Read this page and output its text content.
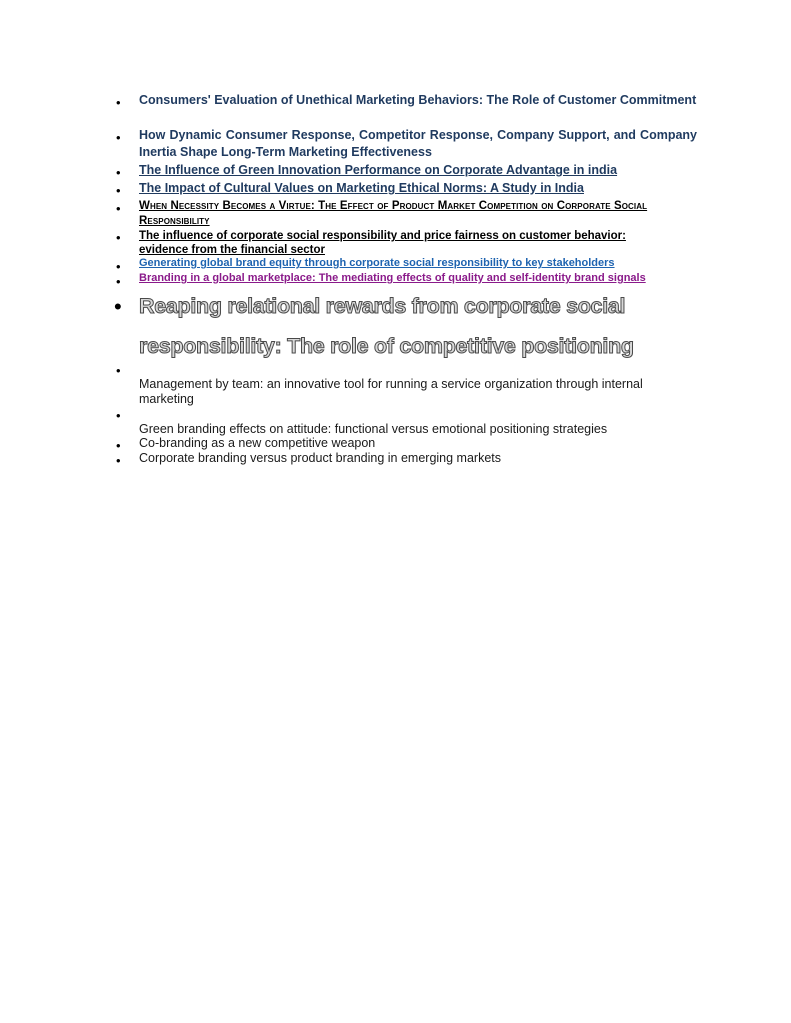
•	Consumers' Evaluation of Unethical Marketing Behaviors: The Role of Customer Commitment
•	How Dynamic Consumer Response, Competitor Response, Company Support, and Company Inertia Shape Long-Term Marketing Effectiveness
•	The Influence of Green Innovation Performance on Corporate Advantage in india
•	The Impact of Cultural Values on Marketing Ethical Norms: A Study in India
•	When Necessity Becomes a Virtue: The Effect of Product Market Competition on Corporate Social Responsibility
•	The influence of corporate social responsibility and price fairness on customer behavior: evidence from the financial sector
•	Generating global brand equity through corporate social responsibility to key stakeholders
•	Branding in a global marketplace: The mediating effects of quality and self-identity brand signals
• Reaping relational rewards from corporate social responsibility: The role of competitive positioning
•
Management by team: an innovative tool for running a service organization through internal marketing
•
Green branding effects on attitude: functional versus emotional positioning strategies
•	Co-branding as a new competitive weapon
•	Corporate branding versus product branding in emerging markets
